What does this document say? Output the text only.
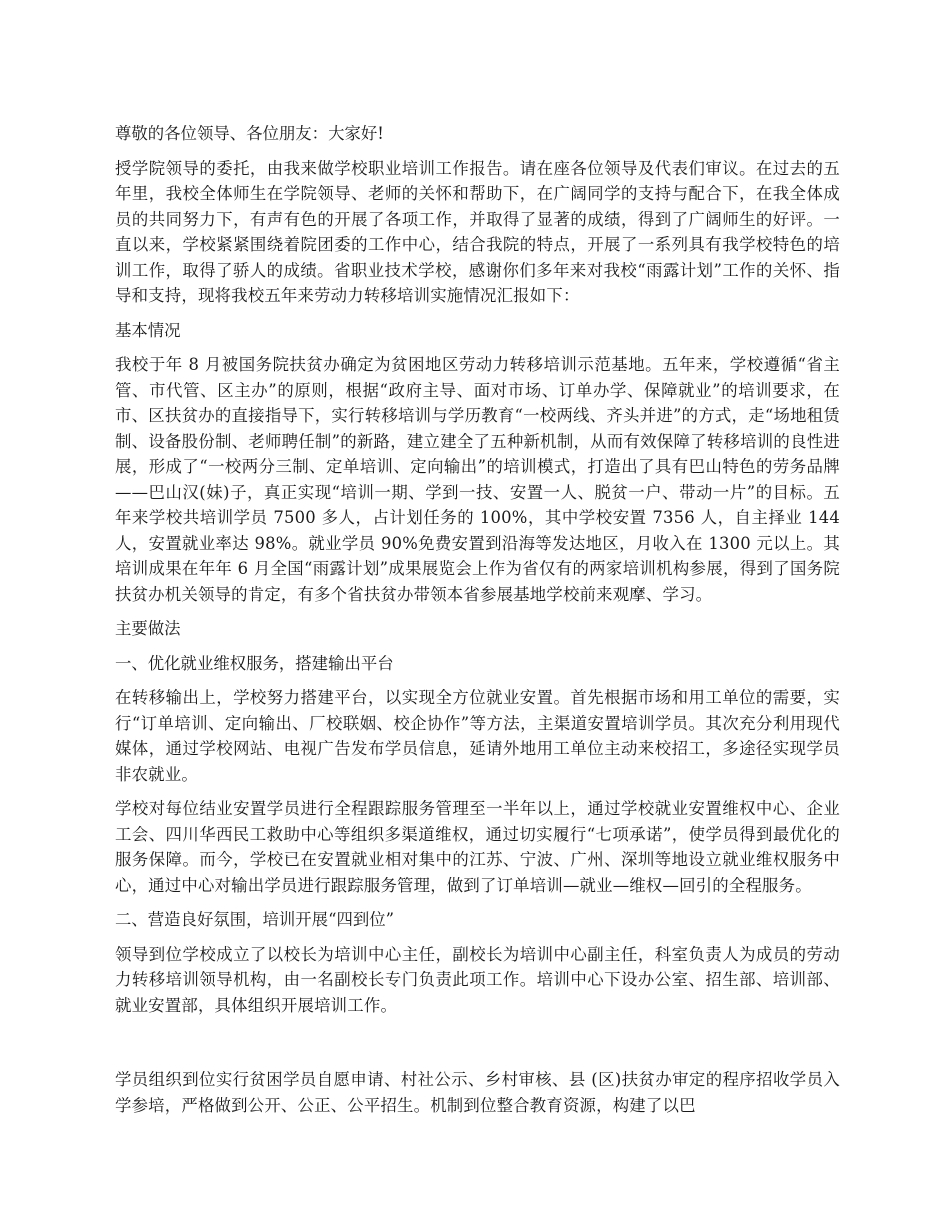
尊敬的各位领导、各位朋友：大家好!

授学院领导的委托，由我来做学校职业培训工作报告。请在座各位领导及代表们审议。在过去的五年里，我校全体师生在学院领导、老师的关怀和帮助下，在广阔同学的支持与配合下，在我全体成员的共同努力下，有声有色的开展了各项工作，并取得了显著的成绩，得到了广阔师生的好评。一直以来，学校紧紧围绕着院团委的工作中心，结合我院的特点，开展了一系列具有我学校特色的培训工作，取得了骄人的成绩。省职业技术学校，感谢你们多年来对我校“雨露计划”工作的关怀、指导和支持，现将我校五年来劳动力转移培训实施情况汇报如下：

基本情况

我校于年 8 月被国务院扶贫办确定为贫困地区劳动力转移培训示范基地。五年来，学校遵循“省主管、市代管、区主办”的原则，根据“政府主导、面对市场、订单办学、保障就业”的培训要求，在市、区扶贫办的直接指导下，实行转移培训与学历教育“一校两线、齐头并进”的方式，走“场地租赁制、设备股份制、老师聘任制”的新路，建立建全了五种新机制，从而有效保障了转移培训的良性进展，形成了“一校两分三制、定单培训、定向输出”的培训模式，打造出了具有巴山特色的劳务品牌——巴山汉(妹)子，真正实现“培训一期、学到一技、安置一人、脱贫一户、带动一片”的目标。五年来学校共培训学员 7500 多人，占计划任务的 100%，其中学校安置 7356 人，自主择业 144 人，安置就业率达 98%。就业学员 90%免费安置到沿海等发达地区，月收入在 1300 元以上。其培训成果在年年 6 月全国“雨露计划”成果展览会上作为省仅有的两家培训机构参展，得到了国务院扶贫办机关领导的肯定，有多个省扶贫办带领本省参展基地学校前来观摩、学习。

主要做法

一、优化就业维权服务，搭建输出平台

在转移输出上，学校努力搭建平台，以实现全方位就业安置。首先根据市场和用工单位的需要，实行“订单培训、定向输出、厂校联姻、校企协作”等方法，主渠道安置培训学员。其次充分利用现代媒体，通过学校网站、电视广告发布学员信息，延请外地用工单位主动来校招工，多途径实现学员非农就业。

学校对每位结业安置学员进行全程跟踪服务管理至一半年以上，通过学校就业安置维权中心、企业工会、四川华西民工救助中心等组织多渠道维权，通过切实履行“七项承诺”，使学员得到最优化的服务保障。而今，学校已在安置就业相对集中的江苏、宁波、广州、深圳等地设立就业维权服务中心，通过中心对输出学员进行跟踪服务管理，做到了订单培训—就业—维权—回引的全程服务。

二、营造良好氛围，培训开展“四到位”

领导到位学校成立了以校长为培训中心主任，副校长为培训中心副主任，科室负责人为成员的劳动力转移培训领导机构，由一名副校长专门负责此项工作。培训中心下设办公室、招生部、培训部、就业安置部，具体组织开展培训工作。

学员组织到位实行贫困学员自愿申请、村社公示、乡村审核、县 (区)扶贫办审定的程序招收学员入学参培，严格做到公开、公正、公平招生。机制到位整合教育资源，构建了以巴
